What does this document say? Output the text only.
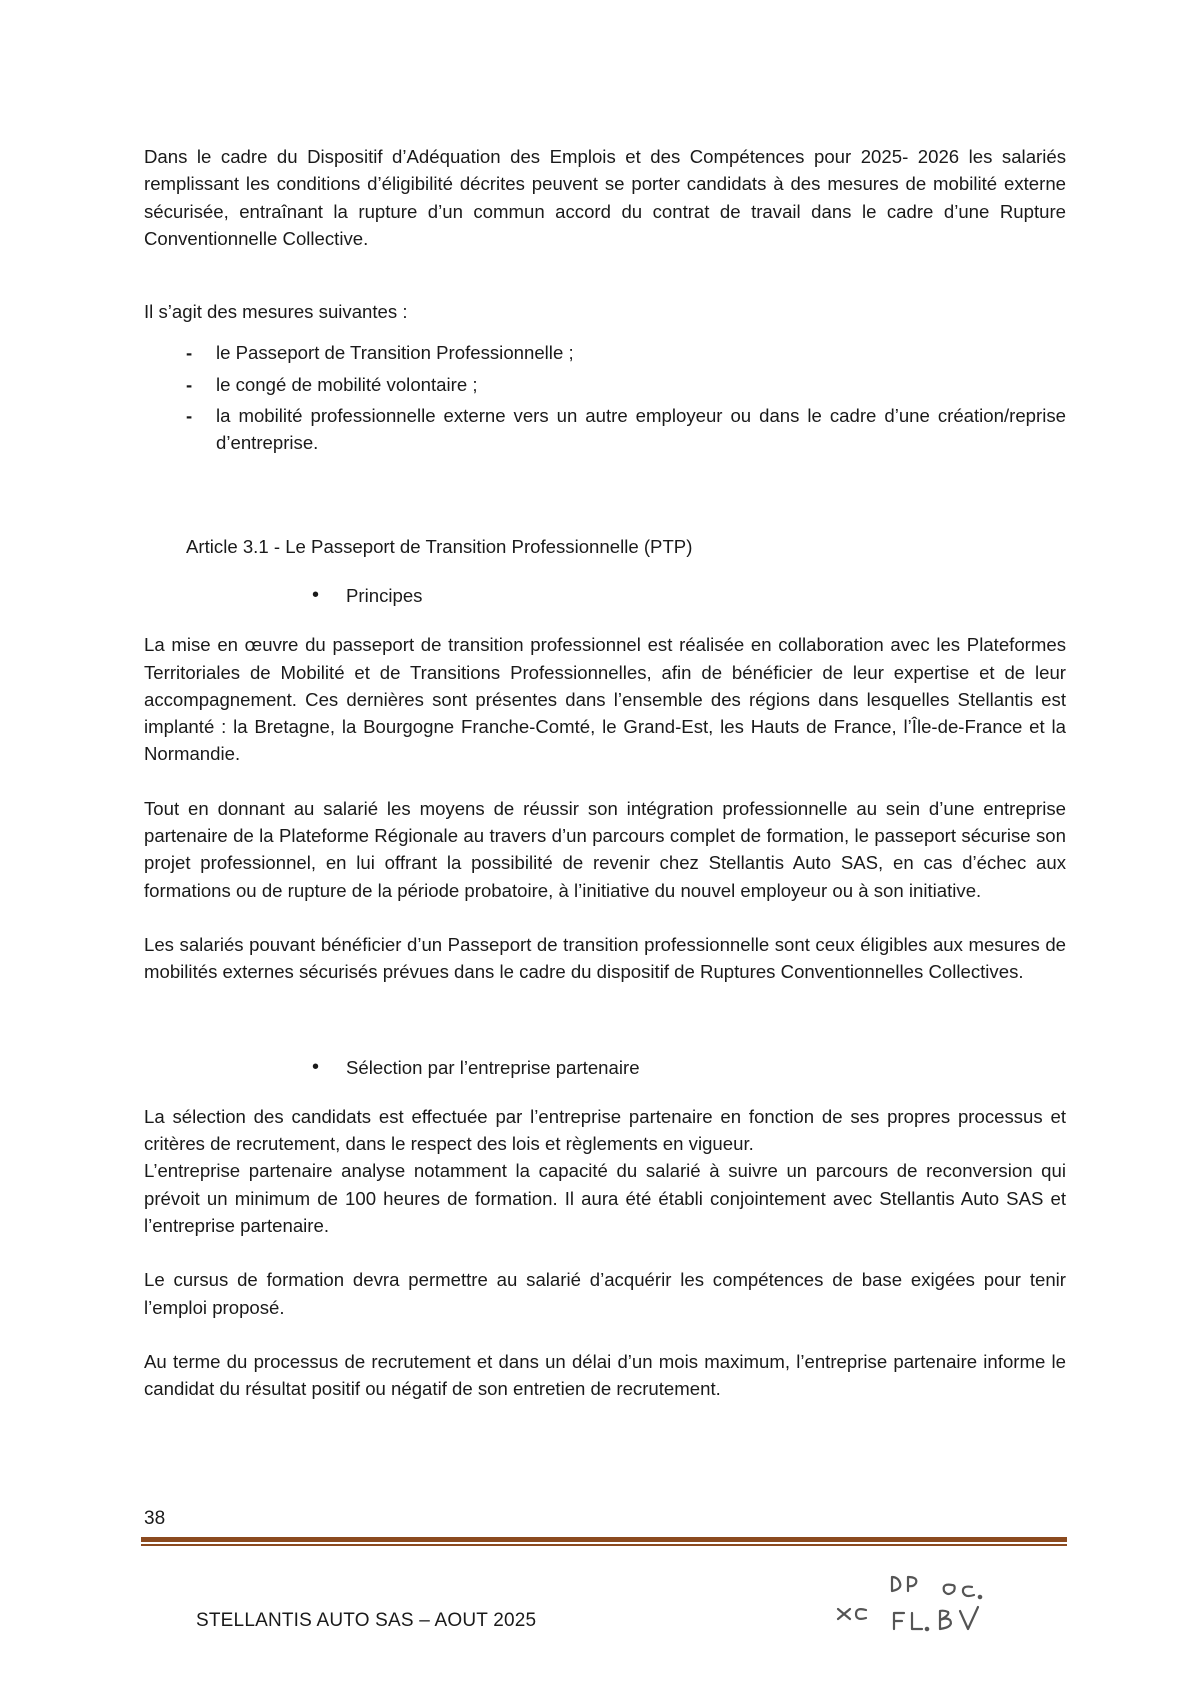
Dans le cadre du Dispositif d’Adéquation des Emplois et des Compétences pour 2025- 2026 les salariés remplissant les conditions d’éligibilité décrites peuvent se porter candidats à des mesures de mobilité externe sécurisée, entraînant la rupture d’un commun accord du contrat de travail dans le cadre d’une Rupture Conventionnelle Collective.

Il s’agit des mesures suivantes :

- le Passeport de Transition Professionnelle ;
- le congé de mobilité volontaire ;
- la mobilité professionnelle externe vers un autre employeur ou dans le cadre d’une création/reprise d’entreprise.
Article 3.1 - Le Passeport de Transition Professionnelle (PTP)
• Principes

La mise en œuvre du passeport de transition professionnel est réalisée en collaboration avec les Plateformes Territoriales de Mobilité et de Transitions Professionnelles, afin de bénéficier de leur expertise et de leur accompagnement. Ces dernières sont présentes dans l’ensemble des régions dans lesquelles Stellantis est implanté : la Bretagne, la Bourgogne Franche-Comté, le Grand-Est, les Hauts de France, l’Île-de-France et la Normandie.

Tout en donnant au salarié les moyens de réussir son intégration professionnelle au sein d’une entreprise partenaire de la Plateforme Régionale au travers d’un parcours complet de formation, le passeport sécurise son projet professionnel, en lui offrant la possibilité de revenir chez Stellantis Auto SAS, en cas d’échec aux formations ou de rupture de la période probatoire, à l’initiative du nouvel employeur ou à son initiative.

Les salariés pouvant bénéficier d’un Passeport de transition professionnelle sont ceux éligibles aux mesures de mobilités externes sécurisés prévues dans le cadre du dispositif de Ruptures Conventionnelles Collectives.

• Sélection par l’entreprise partenaire

La sélection des candidats est effectuée par l’entreprise partenaire en fonction de ses propres processus et critères de recrutement, dans le respect des lois et règlements en vigueur.

L’entreprise partenaire analyse notamment la capacité du salarié à suivre un parcours de reconversion qui prévoit un minimum de 100 heures de formation. Il aura été établi conjointement avec Stellantis Auto SAS et l’entreprise partenaire.

Le cursus de formation devra permettre au salarié d’acquérir les compétences de base exigées pour tenir l’emploi proposé.

Au terme du processus de recrutement et dans un délai d’un mois maximum, l’entreprise partenaire informe le candidat du résultat positif ou négatif de son entretien de recrutement.

38
STELLANTIS AUTO SAS – AOUT 2025
